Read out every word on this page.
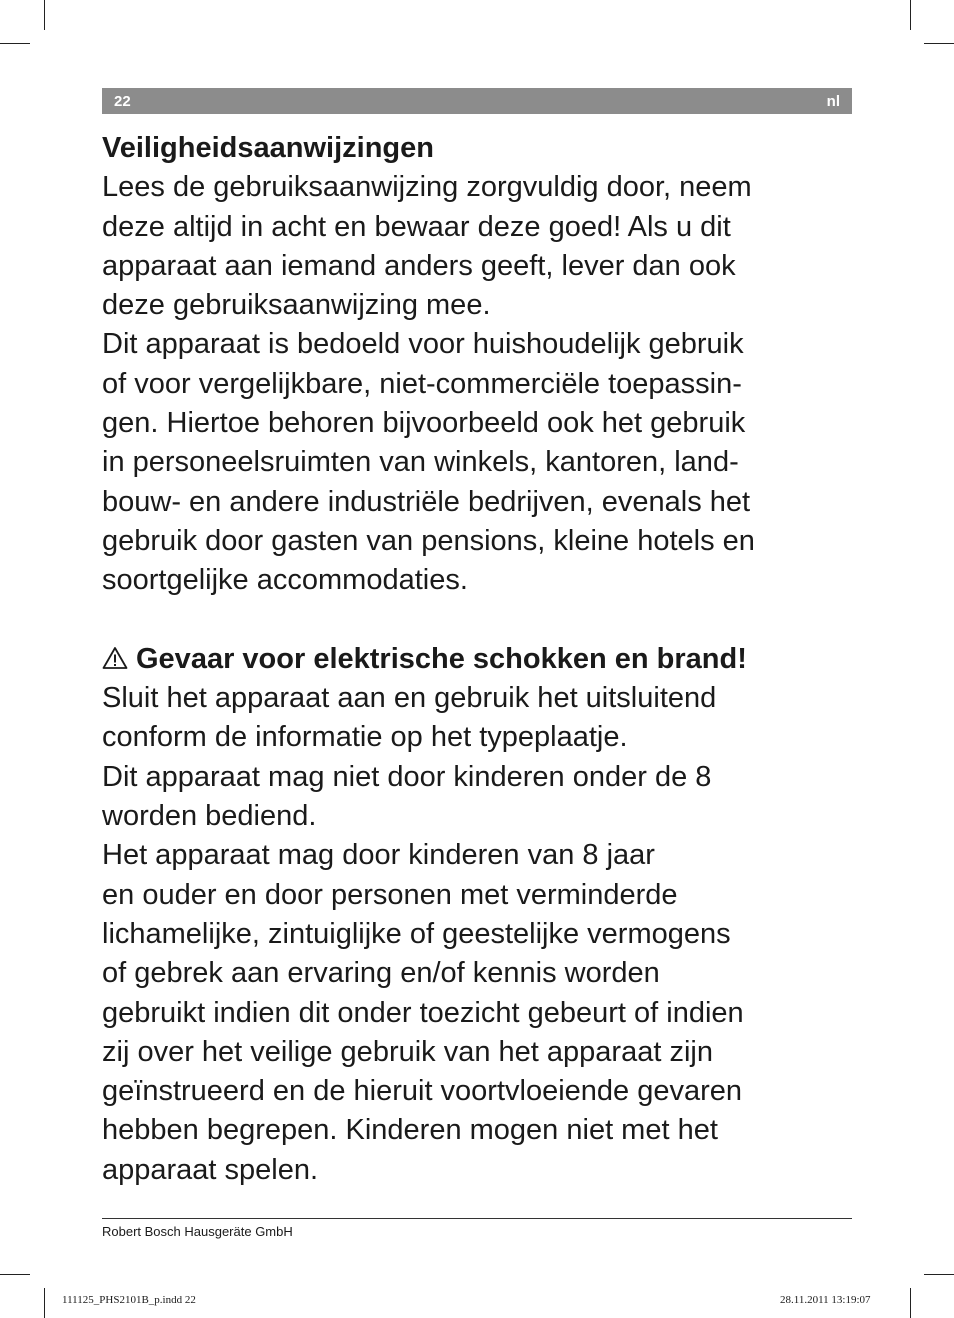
22	nl
Veiligheidsaanwijzingen
Lees de gebruiksaanwijzing zorgvuldig door, neem
deze altijd in acht en bewaar deze goed! Als u dit
apparaat aan iemand anders geeft, lever dan ook
deze gebruiksaanwijzing mee.
Dit apparaat is bedoeld voor huishoudelijk gebruik
of voor vergelijkbare, niet-commerciële toepassin-
gen. Hiertoe behoren bijvoorbeeld ook het gebruik
in personeelsruimten van winkels, kantoren, land-
bouw- en andere industriële bedrijven, evenals het
gebruik door gasten van pensions, kleine hotels en
soortgelijke accommodaties.
Gevaar voor elektrische schokken en brand!
Sluit het apparaat aan en gebruik het uitsluitend
conform de informatie op het typeplaatje.
Dit apparaat mag niet door kinderen onder de 8
worden bediend.
Het apparaat mag door kinderen van 8 jaar
en ouder en door personen met verminderde
lichamelijke, zintuiglijke of geestelijke vermogens
of gebrek aan ervaring en/of kennis worden
gebruikt indien dit onder toezicht gebeurt of indien
zij over het veilige gebruik van het apparaat zijn
geïnstrueerd en de hieruit voortvloeiende gevaren
hebben begrepen. Kinderen mogen niet met het
apparaat spelen.
Robert Bosch Hausgeräte GmbH
111125_PHS2101B_p.indd 22	28.11.2011 13:19:07
